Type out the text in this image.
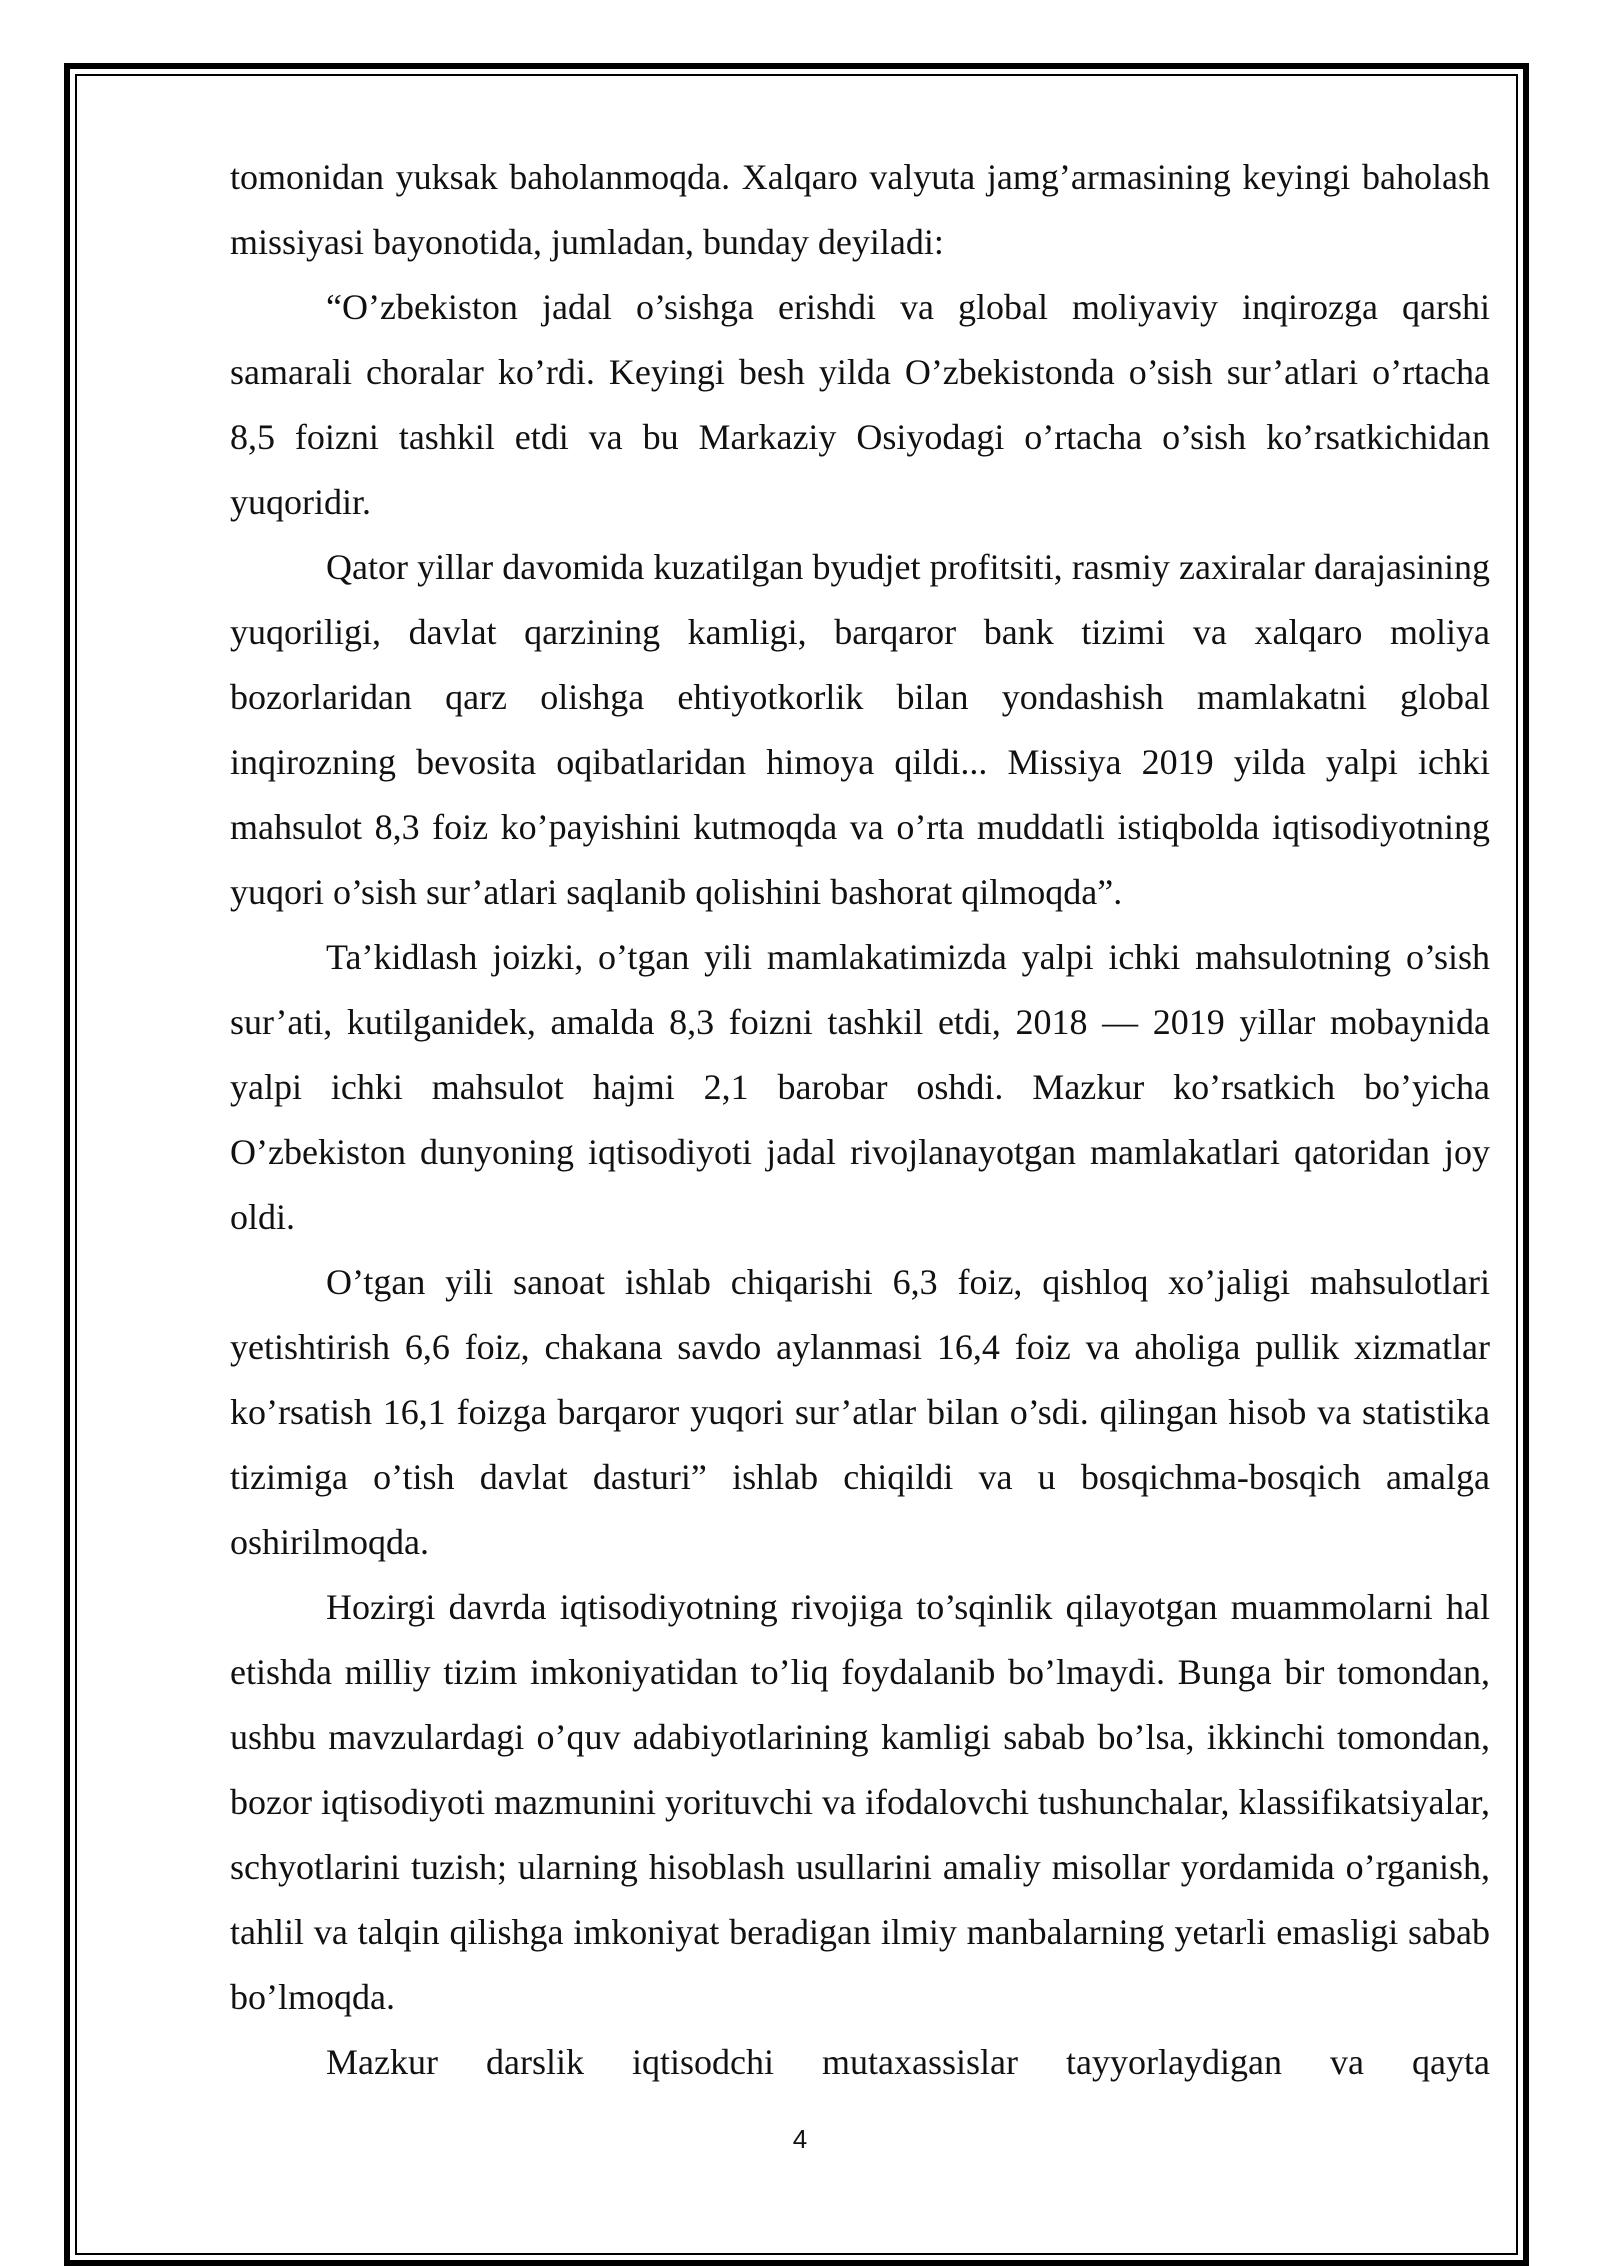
tomonidan yuksak baholanmoqda. Xalqaro valyuta jamg’armasining keyingi baholash missiyasi bayonotida, jumladan, bunday deyiladi:

“O’zbekiston jadal o’sishga erishdi va global moliyaviy inqirozga qarshi samarali choralar ko’rdi. Keyingi besh yilda O’zbekistonda o’sish sur’atlari o’rtacha 8,5 foizni tashkil etdi va bu Markaziy Osiyodagi o’rtacha o’sish ko’rsatkichidan yuqoridir.

Qator yillar davomida kuzatilgan byudjet profitsiti, rasmiy zaxiralar darajasining yuqoriligi, davlat qarzining kamligi, barqaror bank tizimi va xalqaro moliya bozorlaridan qarz olishga ehtiyotkorlik bilan yondashish mamlakatni global inqirozning bevosita oqibatlaridan himoya qildi... Missiya 2019 yilda yalpi ichki mahsulot 8,3 foiz ko’payishini kutmoqda va o’rta muddatli istiqbolda iqtisodiyotning yuqori o’sish sur’atlari saqlanib qolishini bashorat qilmoqda”.

Ta’kidlash joizki, o’tgan yili mamlakatimizda yalpi ichki mahsulotning o’sish sur’ati, kutilganidek, amalda 8,3 foizni tashkil etdi, 2018 — 2019 yillar mobaynida yalpi ichki mahsulot hajmi 2,1 barobar oshdi. Mazkur ko’rsatkich bo’yicha O’zbekiston dunyoning iqtisodiyoti jadal rivojlanayotgan mamlakatlari qatoridan joy oldi.

O’tgan yili sanoat ishlab chiqarishi 6,3 foiz, qishloq xo’jaligi mahsulotlari yetishtirish 6,6 foiz, chakana savdo aylanmasi 16,4 foiz va aholiga pullik xizmatlar ko’rsatish 16,1 foizga barqaror yuqori sur’atlar bilan o’sdi. qilingan hisob va statistika tizimiga o’tish davlat dasturi” ishlab chiqildi va u bosqichma-bosqich amalga oshirilmoqda.

Hozirgi davrda iqtisodiyotning rivojiga to’sqinlik qilayotgan muammolarni hal etishda milliy tizim imkoniyatidan to’liq foydalanib bo’lmaydi. Bunga bir tomondan, ushbu mavzulardagi o’quv adabiyotlarining kamligi sabab bo’lsa, ikkinchi tomondan, bozor iqtisodiyoti mazmunini yorituvchi va ifodalovchi tushunchalar, klassifikatsiyalar, schyotlarini tuzish; ularning hisoblash usullarini amaliy misollar yordamida o’rganish, tahlil va talqin qilishga imkoniyat beradigan ilmiy manbalarning yetarli emasligi sabab bo’lmoqda.

Mazkur darslik iqtisodchi mutaxassislar tayyorlaydigan va qayta

4
